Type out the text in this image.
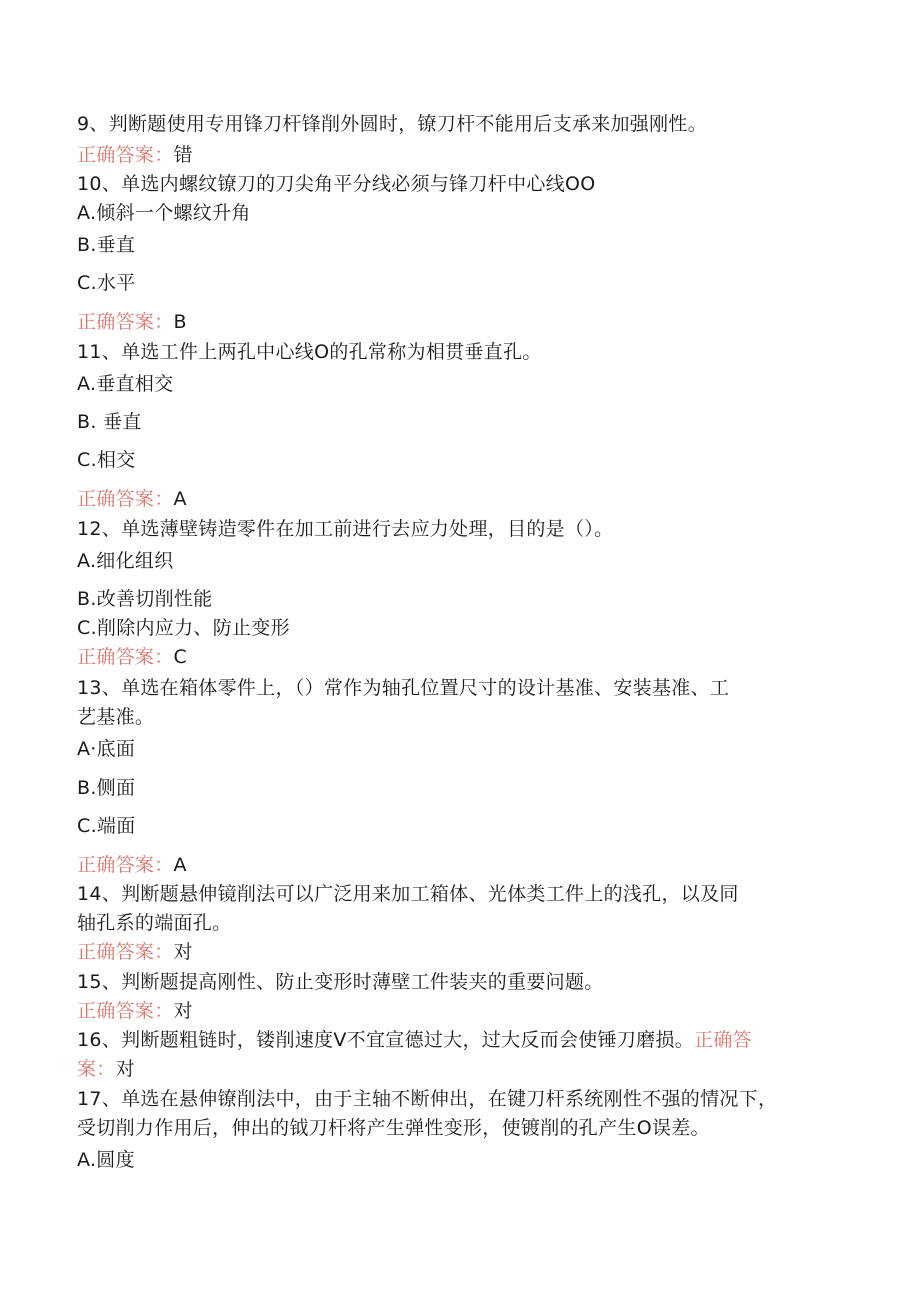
9、判断题使用专用锋刀杆锋削外圆时，镣刀杆不能用后支承来加强刚性。
正确答案：错
10、单选内螺纹镣刀的刀尖角平分线必须与锋刀杆中心线OO
A.倾斜一个螺纹升角
B.垂直
C.水平
正确答案：B
11、单选工件上两孔中心线O的孔常称为相贯垂直孔。
A.垂直相交
B. 垂直
C.相交
正确答案：A
12、单选薄壁铸造零件在加工前进行去应力处理，目的是（）。
A.细化组织
B.改善切削性能
C.削除内应力、防止变形
正确答案：C
13、单选在箱体零件上，（）常作为轴孔位置尺寸的设计基准、安装基准、工
艺基准。
A·底面
B.侧面
C.端面
正确答案：A
14、判断题悬伸镜削法可以广泛用来加工箱体、光体类工件上的浅孔，以及同
轴孔系的端面孔。
正确答案：对
15、判断题提高刚性、防止变形时薄壁工件装夹的重要问题。
正确答案：对
16、判断题粗链时，镂削速度V不宜宣德过大，过大反而会使锤刀磨损。正确答
案：对
17、单选在悬伸镣削法中，由于主轴不断伸出，在键刀杆系统刚性不强的情况下，
受切削力作用后，伸出的钺刀杆将产生弹性变形，使镀削的孔产生O误差。
A.圆度
